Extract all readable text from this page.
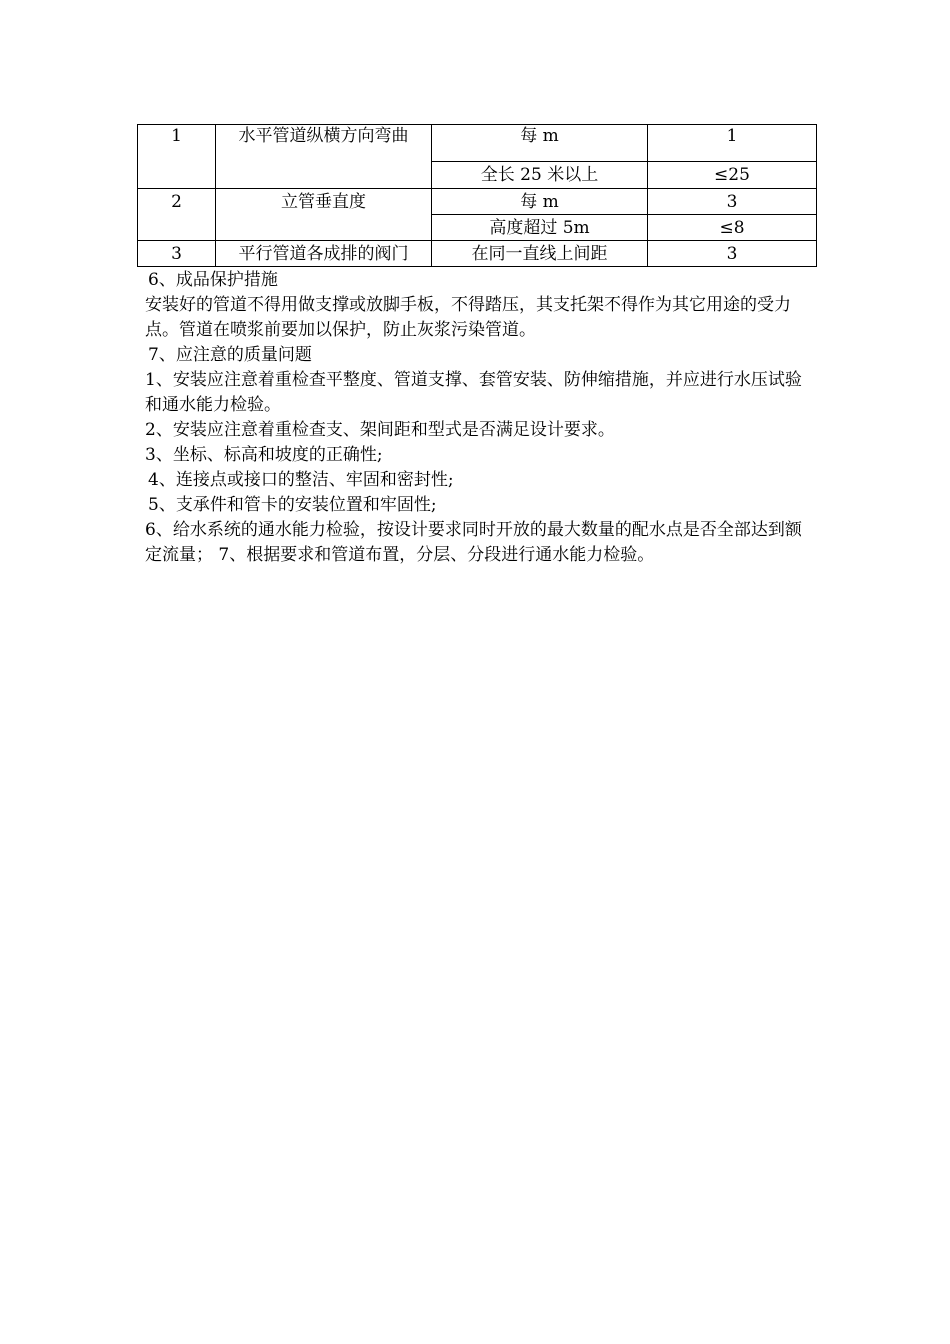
1	水平管道纵横方向弯曲	每 m	1
		全长 25 米以上	≤25
2	立管垂直度	每 m	3
		高度超过 5m	≤8
3	平行管道各成排的阀门	在同一直线上间距	3

6、成品保护措施

安装好的管道不得用做支撑或放脚手板，不得踏压，其支托架不得作为其它用途的受力点。管道在喷浆前要加以保护，防止灰浆污染管道。

7、应注意的质量问题

1、安装应注意着重检查平整度、管道支撑、套管安装、防伸缩措施，并应进行水压试验和通水能力检验。

2、安装应注意着重检查支、架间距和型式是否满足设计要求。

3、坐标、标高和坡度的正确性;

4、连接点或接口的整洁、牢固和密封性;

5、支承件和管卡的安装位置和牢固性;

6、给水系统的通水能力检验，按设计要求同时开放的最大数量的配水点是否全部达到额定流量； 7、根据要求和管道布置，分层、分段进行通水能力检验。
